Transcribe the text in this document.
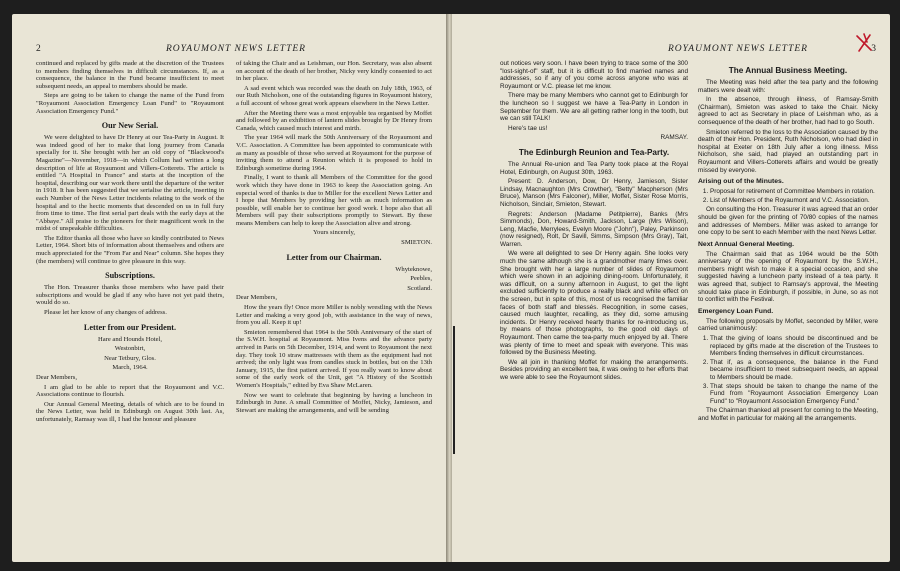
2	ROYAUMONT NEWS LETTER

continued and replaced by gifts made at the discretion of the Trustees to members finding themselves in difficult circumstances. If, as a consequence, the balance in the Fund became insufficient to meet subsequent needs, an appeal to members should be made.

Steps are going to be taken to change the name of the Fund from "Royaumont Association Emergency Loan Fund" to "Royaumont Association Emergency Fund."

Our New Serial.

We were delighted to have Dr Henry at our Tea-Party in August. It was indeed good of her to make that long journey from Canada specially for it. She brought with her an old copy of "Blackwood's Magazine"—November, 1918—in which Collum had written a long description of life at Royaumont and Villers-Cotterets. The article is entitled "A Hospital in France" and starts at the inception of the hospital, describing our war work there until the departure of the writer in 1918. It has been suggested that we serialise the article, inserting in each Number of the News Letter incidents relating to the work of the hospital and to the hectic moments that descended on us in full fury from time to time. The first serial part deals with the early days at the "Abbaye." All praise to the pioneers for their magnificent work in the midst of unspeakable difficulties.

The Editor thanks all those who have so kindly contributed to News Letter, 1964. Short bits of information about themselves and others are much appreciated for the "From Far and Near" column. She hopes they (the members) will continue to give pleasure in this way.

Subscriptions.

The Hon. Treasurer thanks those members who have paid their subscriptions and would be glad if any who have not yet paid theirs, would do so.

Please let her know of any changes of address.

Letter from our President.

Hare and Hounds Hotel,

Westonbirt,

Near Tetbury, Glos.

March, 1964.

Dear Members,

I am glad to be able to report that the Royaumont and V.C. Associations continue to flourish.

Our Annual General Meeting, details of which are to be found in the News Letter, was held in Edinburgh on August 30th last. As, unfortunately, Ramsay was ill, I had the honour and pleasure

of taking the Chair and as Leishman, our Hon. Secretary, was also absent on account of the death of her brother, Nicky very kindly consented to act in her place.

A sad event which was recorded was the death on July 18th, 1963, of our Ruth Nicholson, one of the outstanding figures in Royaumont history, a full account of whose great work appears elsewhere in the News Letter.

After the Meeting there was a most enjoyable tea organised by Moffet and followed by an exhibition of lantern slides brought by Dr Henry from Canada, which caused much interest and mirth.

The year 1964 will mark the 50th Anniversary of the Royaumont and V.C. Association. A Committee has been appointed to communicate with as many as possible of those who served at Royaumont for the purpose of inviting them to attend a Reunion which it is proposed to hold in Edinburgh sometime during 1964.

Finally, I want to thank all Members of the Committee for the good work which they have done in 1963 to keep the Association going. An especial word of thanks is due to Miller for the excellent News Letter and I hope that Members by providing her with as much information as possible, will enable her to continue her good work. I hope also that all Members will pay their subscriptions promptly to Stewart. By these means Members can help to keep the Association alive and strong.

Yours sincerely,

SMIETON.

Letter from our Chairman.

Whyteknowe,

Peebles,

Scotland.

Dear Members,

How the years fly! Once more Miller is nobly wrestling with the News Letter and making a very good job, with assistance in the way of news, from you all. Keep it up!

Smieton remembered that 1964 is the 50th Anniversary of the start of the S.W.H. hospital at Royaumont. Miss Ivens and the advance party arrived in Paris on 5th December, 1914, and went to Royaumont the next day. They took 10 straw mattresses with them as the equipment had not arrived; the only light was from candles stuck in bottles, but on the 13th January, 1915, the first patient arrived. If you really want to know about some of the early work of the Unit, get "A History of the Scottish Women's Hospitals," edited by Eva Shaw McLaren.

Now we want to celebrate that beginning by having a luncheon in Edinburgh in June. A small Committee of Moffet, Nicky, Jamieson, and Stewart are making the arrangements, and will be sending

ROYAUMONT NEWS LETTER	3

out notices very soon. I have been trying to trace some of the 300 "lost-sight-of" staff, but it is difficult to find married names and addresses, so if any of you come across anyone who was at Royaumont or V.C. please let me know.

There may be many Members who cannot get to Edinburgh for the luncheon so I suggest we have a Tea-Party in London in September for them. We are all getting rather long in the tooth, but we can still TALK!

Here's tae us!

RAMSAY.

The Edinburgh Reunion and Tea-Party.

The Annual Re-union and Tea Party took place at the Royal Hotel, Edinburgh, on August 30th, 1963.

Present: D. Anderson, Dow, Dr Henry, Jamieson, Sister Lindsay, Macnaughton (Mrs Crowther), "Betty" Macpherson (Mrs Bruce), Manson (Mrs Falconer), Miller, Moffet, Sister Rose Morris, Nicholson, Sinclair, Smieton, Stewart.

Regrets: Anderson (Madame Petitpierre), Banks (Mrs Simmonds), Don, Howard-Smith, Jackson, Large (Mrs Wilson), Leng, Macfie, Merrylees, Evelyn Moore ("John"), Paley, Parkinson (now resigned), Rolt, Dr Savill, Simms, Simpson (Mrs Gray), Tait, Warren.

We were all delighted to see Dr Henry again. She looks very much the same although she is a grandmother many times over. She brought with her a large number of slides of Royaumont which were shown in an adjoining dining-room. Unfortunately, it was difficult, on a sunny afternoon in August, to get the light excluded sufficiently to produce a really black and white effect on the screen, but in spite of this, most of us recognised the familiar faces of both staff and blessés. Recognition, in some cases, caused much laughter, recalling, as they did, some amusing incidents. Dr Henry received hearty thanks for re-introducing us, by means of those photographs, to the good old days of Royaumont. Then came the tea-party much enjoyed by all. There was plenty of time to meet and speak with everyone. This was followed by the Business Meeting.

We all join in thanking Moffet for making the arrangements. Besides providing an excellent tea, it was owing to her efforts that we were able to see the Royaumont slides.

The Annual Business Meeting.

The Meeting was held after the tea party and the following matters were dealt with:

In the absence, through illness, of Ramsay-Smith (Chairman), Smieton was asked to take the Chair. Nicky agreed to act as Secretary in place of Leishman who, as a consequence of the death of her brother, had had to go South.

Smieton referred to the loss to the Association caused by the death of their Hon. President, Ruth Nicholson, who had died in hospital at Exeter on 18th July after a long illness. Miss Nicholson, she said, had played an outstanding part in Royaumont and Villers-Cotterets affairs and would be greatly missed by everyone.

Arising out of the Minutes.
1. Proposal for retirement of Committee Members in rotation.
2. List of Members of the Royaumont and V.C. Association.

On consulting the Hon. Treasurer it was agreed that an order should be given for the printing of 70/80 copies of the names and addresses of Members. Miller was asked to arrange for one copy to be sent to each Member with the next News Letter.

Next Annual General Meeting.

The Chairman said that as 1964 would be the 50th anniversary of the opening of Royaumont by the S.W.H., members might wish to make it a special occasion, and she suggested having a luncheon party instead of a tea party. It was agreed that, subject to Ramsay's approval, the Meeting should take place in Edinburgh, if possible, in June, so as not to conflict with the Festival.

Emergency Loan Fund.

The following proposals by Moffet, seconded by Miller, were carried unanimously:

1. That the giving of loans should be discontinued and be replaced by gifts made at the discretion of the Trustees to Members finding themselves in difficult circumstances.
2. That if, as a consequence, the balance in the Fund became insufficient to meet subsequent needs, an appeal to Members should be made.
3. That steps should be taken to change the name of the Fund from "Royaumont Association Emergency Loan Fund" to "Royaumont Association Emergency Fund."

The Chairman thanked all present for coming to the Meeting, and Moffet in particular for making all the arrangements.
